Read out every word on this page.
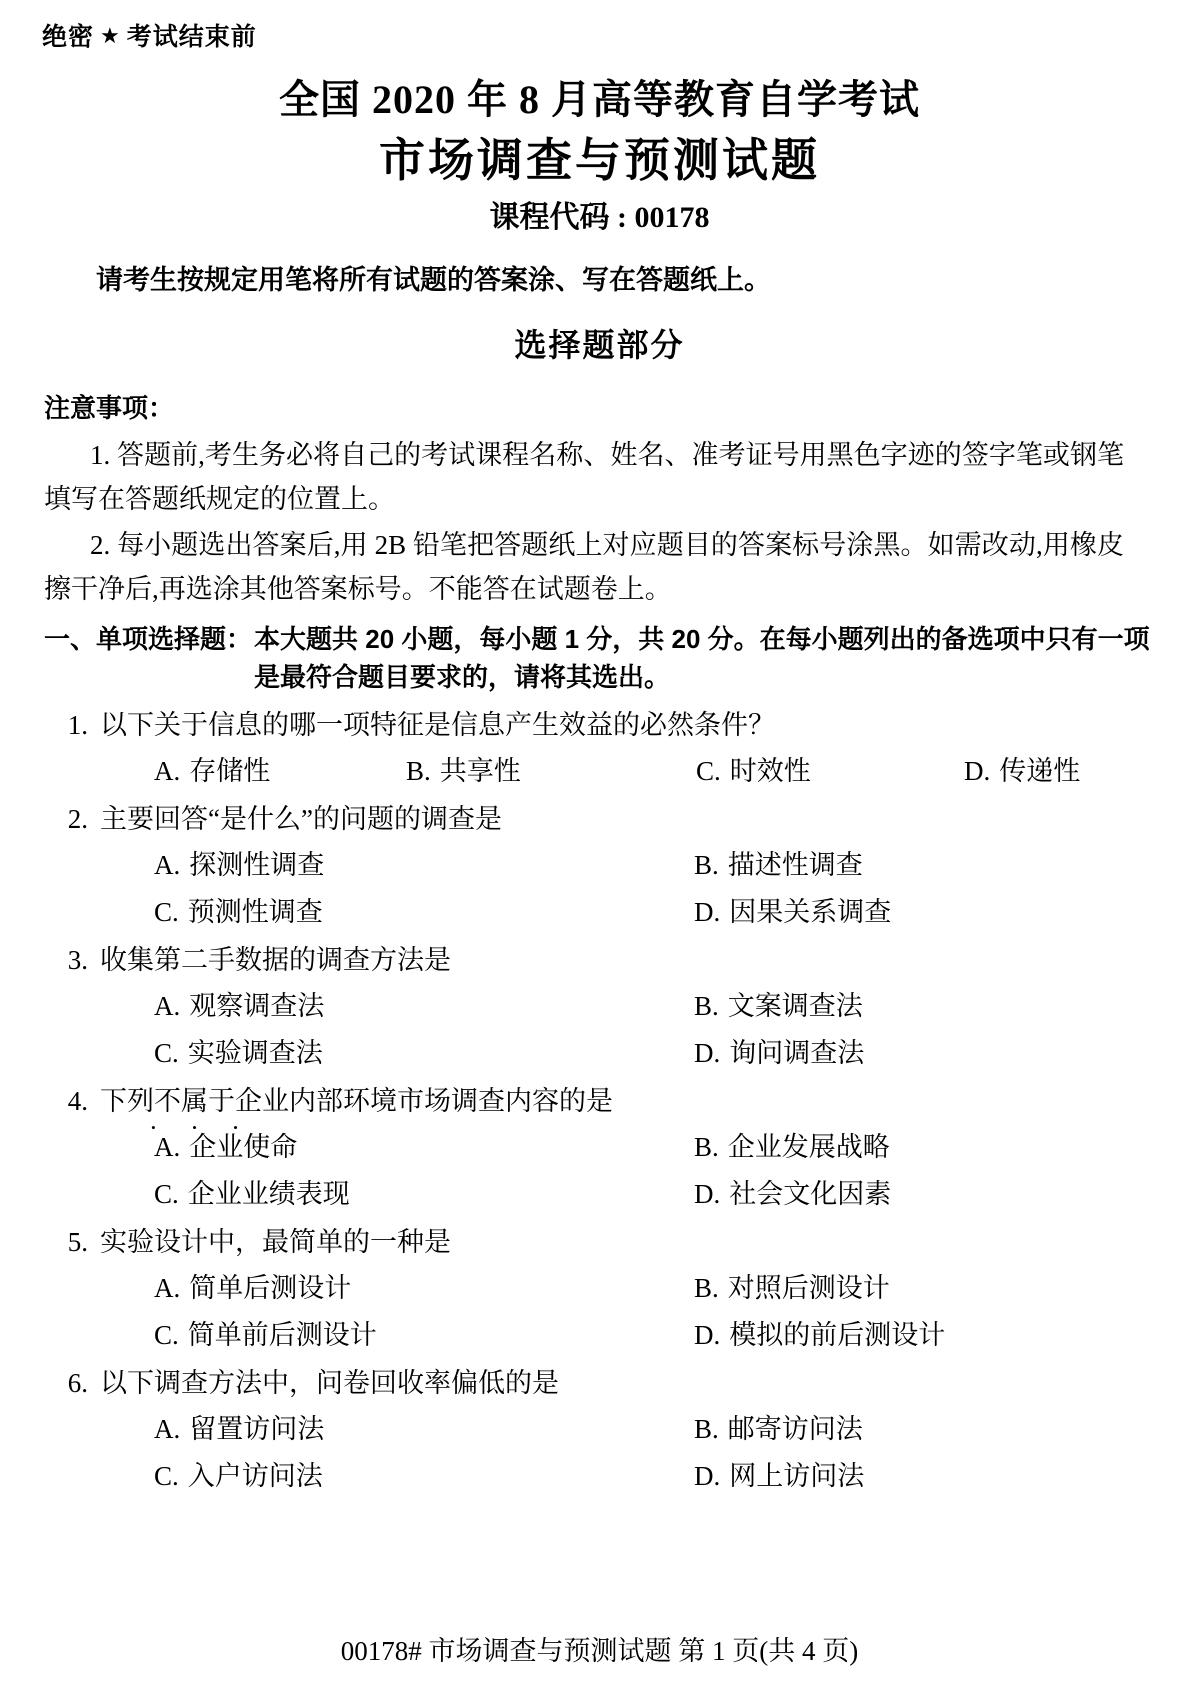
绝密 ★ 考试结束前
全国 2020 年 8 月高等教育自学考试
市场调查与预测试题
课程代码 : 00178
请考生按规定用笔将所有试题的答案涂、写在答题纸上。
选择题部分
注意事项：
1. 答题前,考生务必将自己的考试课程名称、姓名、准考证号用黑色字迹的签字笔或钢笔填写在答题纸规定的位置上。
2. 每小题选出答案后,用 2B 铅笔把答题纸上对应题目的答案标号涂黑。如需改动,用橡皮擦干净后,再选涂其他答案标号。不能答在试题卷上。
一、单项选择题： 本大题共 20 小题，每小题 1 分，共 20 分。在每小题列出的备选项中只有一项是最符合题目要求的，请将其选出。
1. 以下关于信息的哪一项特征是信息产生效益的必然条件？
A. 存储性	B. 共享性	C. 时效性	D. 传递性
2. 主要回答“是什么”的问题的调查是
A. 探测性调查	B. 描述性调查
C. 预测性调查	D. 因果关系调查
3. 收集第二手数据的调查方法是
A. 观察调查法	B. 文案调查法
C. 实验调查法	D. 询问调查法
4. 下列不属于 •  •  •企业内部环境市场调查内容的是
A. 企业使命	B. 企业发展战略
C. 企业业绩表现	D. 社会文化因素
5. 实验设计中，最简单的一种是
A. 简单后测设计	B. 对照后测设计
C. 简单前后测设计	D. 模拟的前后测设计
6. 以下调查方法中，问卷回收率偏低的是
A. 留置访问法	B. 邮寄访问法
C. 入户访问法	D. 网上访问法
00178# 市场调查与预测试题 第 1 页(共 4 页)
